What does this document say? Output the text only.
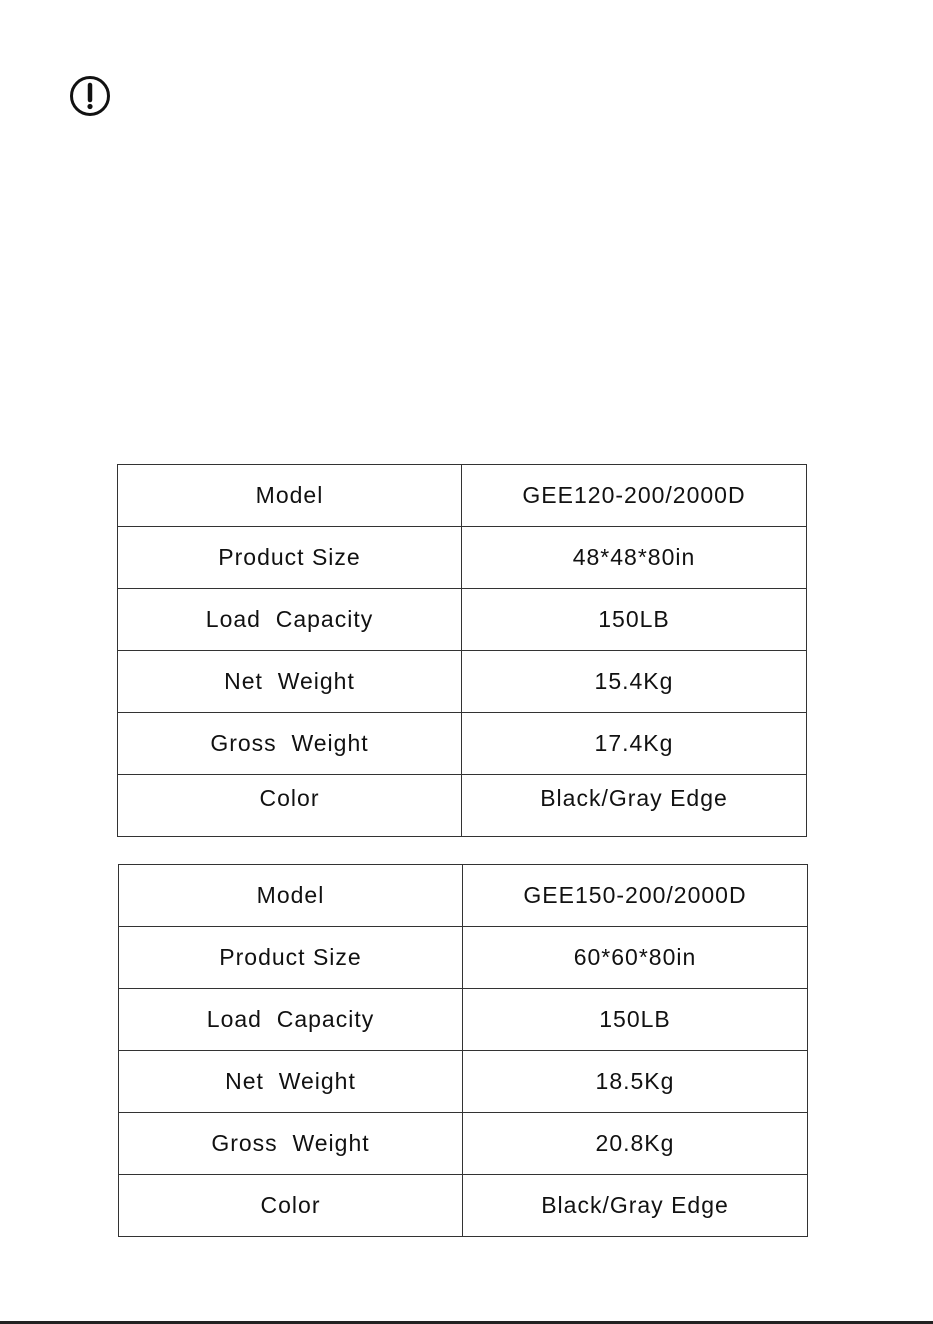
Model	GEE120-200/2000D
Product Size	48*48*80in
Load  Capacity	150LB
Net  Weight	15.4Kg
Gross  Weight	17.4Kg
Color	Black/Gray Edge
Model	GEE150-200/2000D
Product Size	60*60*80in
Load  Capacity	150LB
Net  Weight	18.5Kg
Gross  Weight	20.8Kg
Color	Black/Gray Edge
